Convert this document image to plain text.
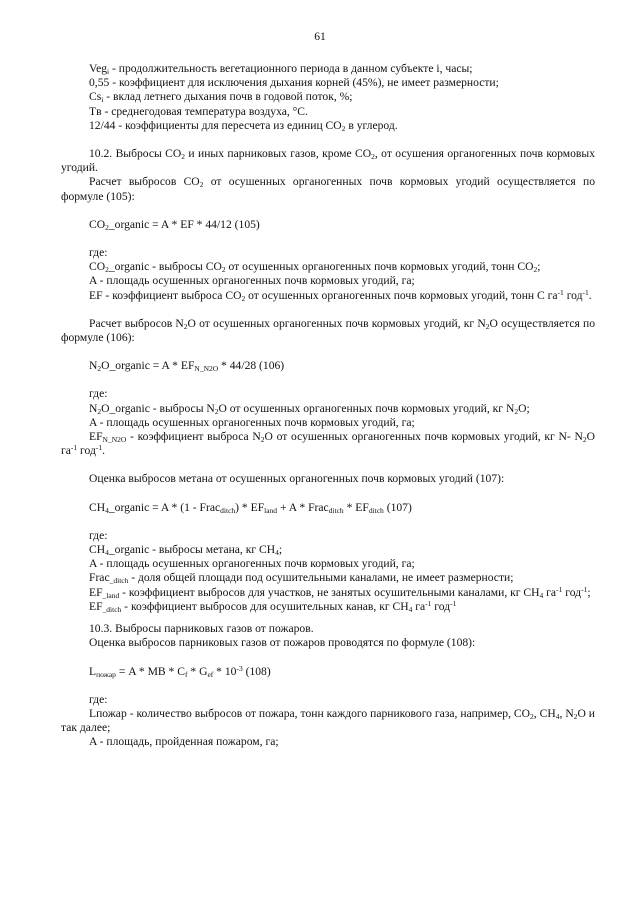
61

Veg$_i$ - продолжительность вегетационного периода в данном субъекте i, часы;

0,55 - коэффициент для исключения дыхания корней (45%), не имеет размерности;

$Cs_i$ - вклад летнего дыхания почв в годовой поток, %;

Tв - среднегодовая температура воздуха, °C.

12/44 - коэффициенты для пересчета из единиц $CO_2$ в углерод.

10.2. Выбросы $CO_2$ и иных парниковых газов, кроме $CO_2$, от осушения органогенных почв кормовых угодий.

Расчет выбросов $CO_2$ от осушенных органогенных почв кормовых угодий осуществляется по формуле (105):

$CO_2\_organic = A$ * EF * 44/12 (105)

где:

$CO_2\_organic$ - выбросы $CO_2$ от осушенных органогенных почв кормовых угодий, тонн $CO_2$;

A - площадь осушенных органогенных почв кормовых угодий, га;

EF - коэффициент выброса $CO_2$ от осушенных органогенных почв кормовых угодий, тонн C $га^{-1}$ год$^{-1}$.

Расчет выбросов $N_2O$ от осушенных органогенных почв кормовых угодий, кг $N_2O$ осуществляется по формуле (106):

$N_2O\_organic = A * EF_{N\_N2O} * 44/28$ (106)

где:

$N_2O\_organic$ - выбросы $N_2O$ от осушенных органогенных почв кормовых угодий, кг $N_2O$;

A - площадь осушенных органогенных почв кормовых угодий, га;

$EF_{N\_N2O}$ - коэффициент выброса $N_2O$ от осушенных органогенных почв кормовых угодий, кг N- $N_2O$ $га^{-1}$ год$^{-1}$.

Оценка выбросов метана от осушенных органогенных почв кормовых угодий (107):

$CH_4\_organic = A * (1$ - Frac$_{ditch}$) * $EF_{land} + A$ * Frac$_{ditch}$ * $EF_{ditch}$ (107)

где:

$CH_4\_organic$ - выбросы метана, кг $CH_4$;

A - площадь осушенных органогенных почв кормовых угодий, га;

Frac$_{\_ditch}$ - доля общей площади под осушительными каналами, не имеет размерности;

$EF_{\_land}$ - коэффициент выбросов для участков, не занятых осушительными каналами, кг $CH_4$ $га^{-1}$ год$^{-1}$;

$EF_{\_ditch}$ - коэффициент выбросов для осушительных канав, кг $CH_4$ $га^{-1}$ год$^{-1}$

10.3. Выбросы парниковых газов от пожаров.

Оценка выбросов парниковых газов от пожаров проводятся по формуле (108):

$L_{пожар} = A$ * MB * $C_f * G_{ef} * 10^{-3}$ (108)

где:

Lпожар - количество выбросов от пожара, тонн каждого парникового газа, например, $CO_2$, $CH_4$, $N_2O$ и так далее;

A - площадь, пройденная пожаром, га;
